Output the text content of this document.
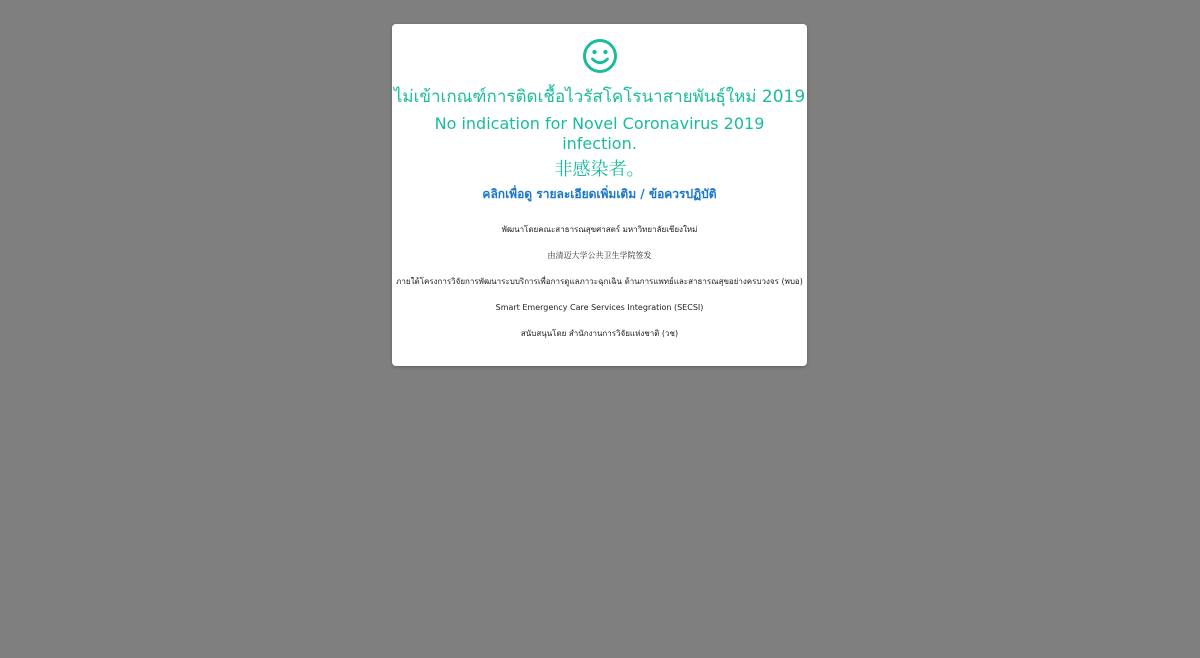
ไม่เข้าเกณฑ์การติดเชื้อไวรัสโคโรนาสายพันธุ์ใหม่ 2019
No indication for Novel Coronavirus 2019 infection.
非感染者。
คลิกเพื่อดู รายละเอียดเพิ่มเติม / ข้อควรปฏิบัติ
พัฒนาโดยคณะสาธารณสุขศาสตร์ มหาวิทยาลัยเชียงใหม่
由清迈大学公共卫生学院签发
ภายใต้โครงการวิจัยการพัฒนาระบบริการเพื่อการดูแลภาวะฉุกเฉิน ด้านการแพทย์และสาธารณสุขอย่างครบวงจร (พบอ)
Smart Emergency Care Services Integration (SECSI)
สนับสนุนโดย สำนักงานการวิจัยแห่งชาติ (วช)
